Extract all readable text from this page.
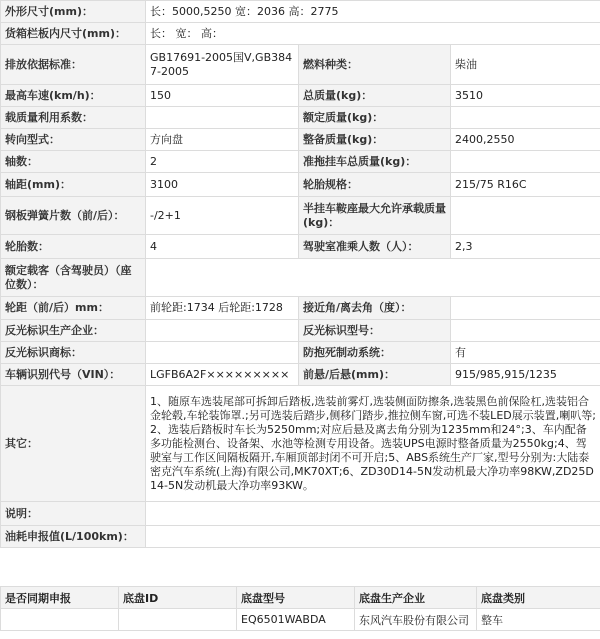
外形尺寸(mm)：	长：5000,5250 宽：2036 高：2775		
货箱栏板内尺寸(mm)：	长： 宽： 高：		
排放依据标准：	GB17691-2005国Ⅴ,GB3847-2005	燃料种类：	柴油
最高车速(km/h)：	150	总质量(kg)：	3510
载质量利用系数：		额定质量(kg)：	
转向型式：	方向盘	整备质量(kg)：	2400,2550
轴数：	2	准拖挂车总质量(kg)：	
轴距(mm)：	3100	轮胎规格：	215/75 R16C
钢板弹簧片数（前/后）：	-/2+1	半挂车鞍座最大允许承载质量(kg)：	
轮胎数：	4	驾驶室准乘人数（人）：	2,3
额定载客（含驾驶员）（座位数）：			
轮距（前/后）mm：	前轮距:1734 后轮距:1728	接近角/离去角（度）：	
反光标识生产企业：		反光标识型号：	
反光标识商标：		防抱死制动系统：	有
车辆识别代号（VIN）：	LGFB6A2F×××××××××	前悬/后悬(mm)：	915/985,915/1235
其它：	1、随原车选装尾部可拆卸后踏板,选装前雾灯,选装侧面防擦条,选装黑色前保险杠,选装铝合金轮毂,车轮装饰罩.;另可选装后踏步,侧移门踏步,推拉侧车窗,可选不装LED展示装置,喇叭等;2、选装后踏板时车长为5250mm;对应后悬及离去角分别为1235mm和24°;3、车内配备多功能检测台、设备架、水池等检测专用设备。选装UPS电源时整备质量为2550kg;4、驾驶室与工作区间隔板隔开,车厢顶部封闭不可开启;5、ABS系统生产厂家,型号分别为:大陆泰密克汽车系统(上海)有限公司,MK70XT;6、ZD30D14-5N发动机最大净功率98KW,ZD25D14-5N发动机最大净功率93KW。		
说明：			
油耗申报值(L/100km)：			
是否同期申报	底盘ID	底盘型号	底盘生产企业	底盘类别
		EQ6501WABDA	东风汽车股份有限公司	整车
